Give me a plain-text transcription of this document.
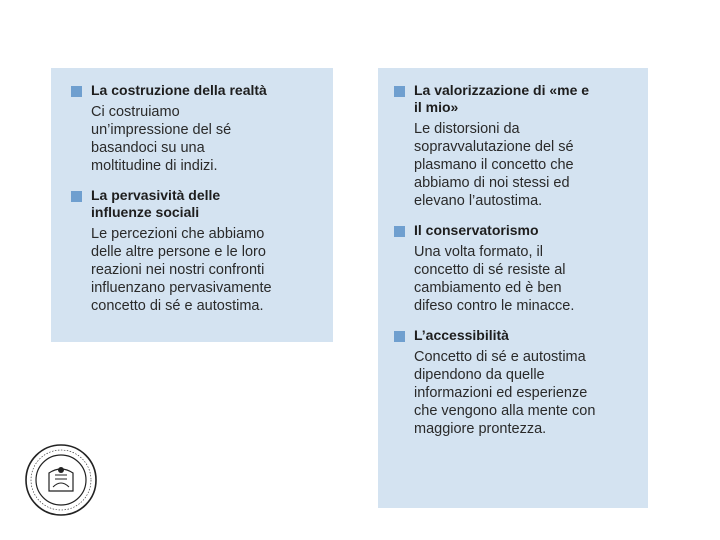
La costruzione della realtà
Ci costruiamo
un’impressione del sé
basandoci su una
moltitudine di indizi.
La pervasività delle
influenze sociali
Le percezioni che abbiamo
delle altre persone e le loro
reazioni nei nostri confronti
influenzano pervasivamente
concetto di sé e autostima.
La valorizzazione di «me e
il mio»
Le distorsioni da
sopravvalutazione del sé
plasmano il concetto che
abbiamo di noi stessi ed
elevano l’autostima.
Il conservatorismo
Una volta formato, il
concetto di sé resiste al
cambiamento ed è ben
difeso contro le minacce.
L’accessibilità
Concetto di sé e autostima
dipendono da quelle
informazioni ed esperienze
che vengono alla mente con
maggiore prontezza.
